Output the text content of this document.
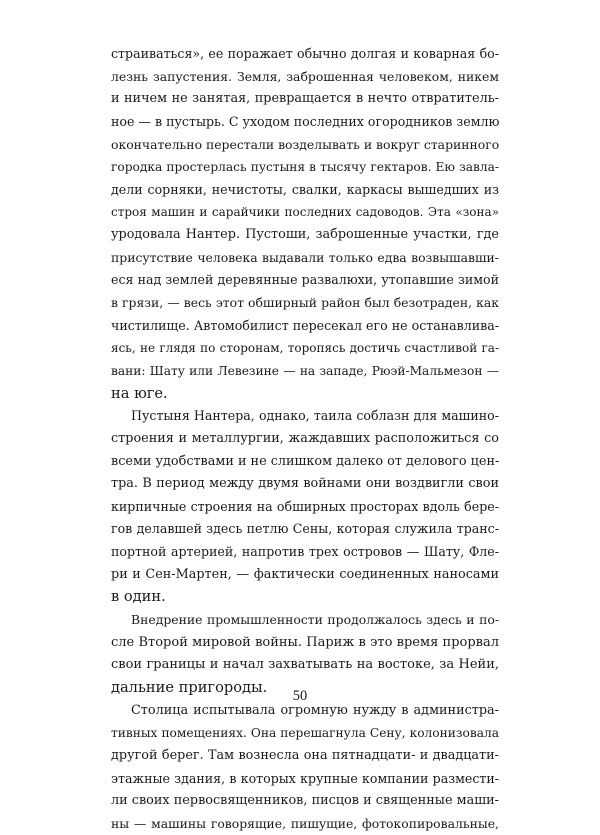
страиваться», ее поражает обычно долгая и коварная бо-
лезнь запустения. Земля, заброшенная человеком, никем
и ничем не занятая, превращается в нечто отвратитель-
ное — в пустырь. С уходом последних огородников землю
окончательно перестали возделывать и вокруг старинного
городка простерлась пустыня в тысячу гектаров. Ею завла-
дели сорняки, нечистоты, свалки, каркасы вышедших из
строя машин и сарайчики последних садоводов. Эта «зона»
уродовала Нантер. Пустоши, заброшенные участки, где
присутствие человека выдавали только едва возвышавши-
еся над землей деревянные развалюхи, утопавшие зимой
в грязи, — весь этот обширный район был безотраден, как
чистилище. Автомобилист пересекал его не останавлива-
ясь, не глядя по сторонам, торопясь достичь счастливой га-
вани: Шату или Левезине — на западе, Рюэй-Мальмезон —
на юге.
Пустыня Нантера, однако, таила соблазн для машино-
строения и металлургии, жаждавших расположиться со
всеми удобствами и не слишком далеко от делового цен-
тра. В период между двумя войнами они воздвигли свои
кирпичные строения на обширных просторах вдоль бере-
гов делавшей здесь петлю Сены, которая служила транс-
портной артерией, напротив трех островов — Шату, Фле-
ри и Сен-Мартен, — фактически соединенных наносами
в один.
Внедрение промышленности продолжалось здесь и по-
сле Второй мировой войны. Париж в это время прорвал
свои границы и начал захватывать на востоке, за Нейи,
дальние пригороды.
Столица испытывала огромную нужду в администра-
тивных помещениях. Она перешагнула Сену, колонизовала
другой берег. Там вознесла она пятнадцати- и двадцати-
этажные здания, в которых крупные компании размести-
ли своих первосвященников, писцов и священные маши-
ны — машины говорящие, пишущие, фотокопировальные,
50
